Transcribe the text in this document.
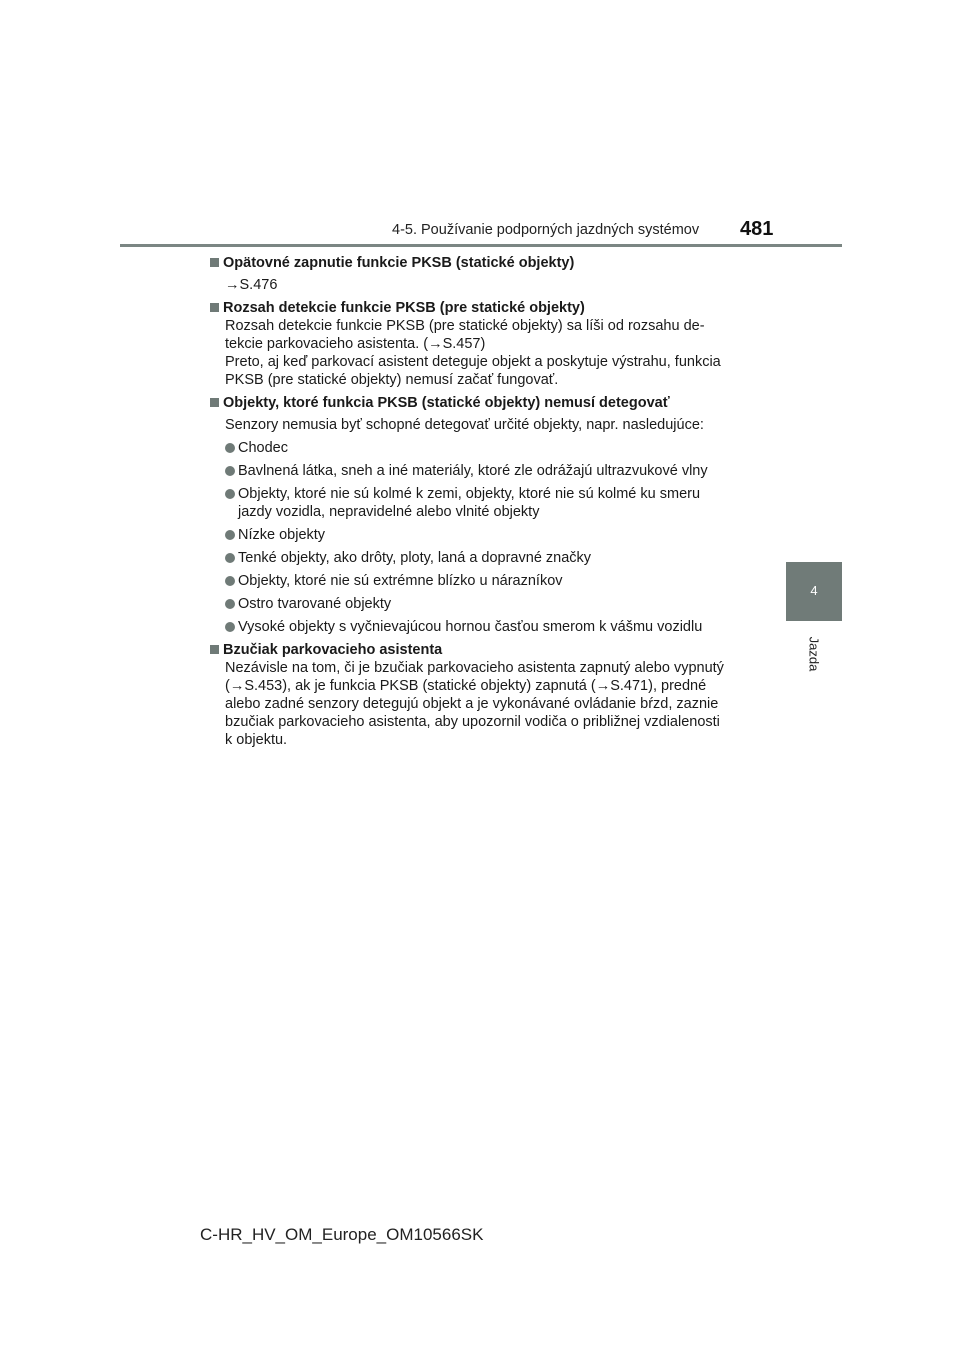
4-5. Používanie podporných jazdných systémov 481
4
Jazda

Opätovné zapnutie funkcie PKSB (statické objekty)

→S.476

Rozsah detekcie funkcie PKSB (pre statické objekty)

Rozsah detekcie funkcie PKSB (pre statické objekty) sa líši od rozsahu de-
tekcie parkovacieho asistenta. (→S.457)
Preto, aj keď parkovací asistent deteguje objekt a poskytuje výstrahu, funkcia
PKSB (pre statické objekty) nemusí začať fungovať.

Objekty, ktoré funkcia PKSB (statické objekty) nemusí detegovať

Senzory nemusia byť schopné detegovať určité objekty, napr. nasledujúce:

Chodec

Bavlnená látka, sneh a iné materiály, ktoré zle odrážajú ultrazvukové vlny

Objekty, ktoré nie sú kolmé k zemi, objekty, ktoré nie sú kolmé ku smeru
jazdy vozidla, nepravidelné alebo vlnité objekty

Nízke objekty

Tenké objekty, ako drôty, ploty, laná a dopravné značky

Objekty, ktoré nie sú extrémne blízko u nárazníkov

Ostro tvarované objekty

Vysoké objekty s vyčnievajúcou hornou časťou smerom k vášmu vozidlu

Bzučiak parkovacieho asistenta

Nezávisle na tom, či je bzučiak parkovacieho asistenta zapnutý alebo vypnutý
(→S.453), ak je funkcia PKSB (statické objekty) zapnutá (→S.471), predné
alebo zadné senzory detegujú objekt a je vykonávané ovládanie bŕzd, zaznie
bzučiak parkovacieho asistenta, aby upozornil vodiča o približnej vzdialenosti
k objektu.

C-HR_HV_OM_Europe_OM10566SK
